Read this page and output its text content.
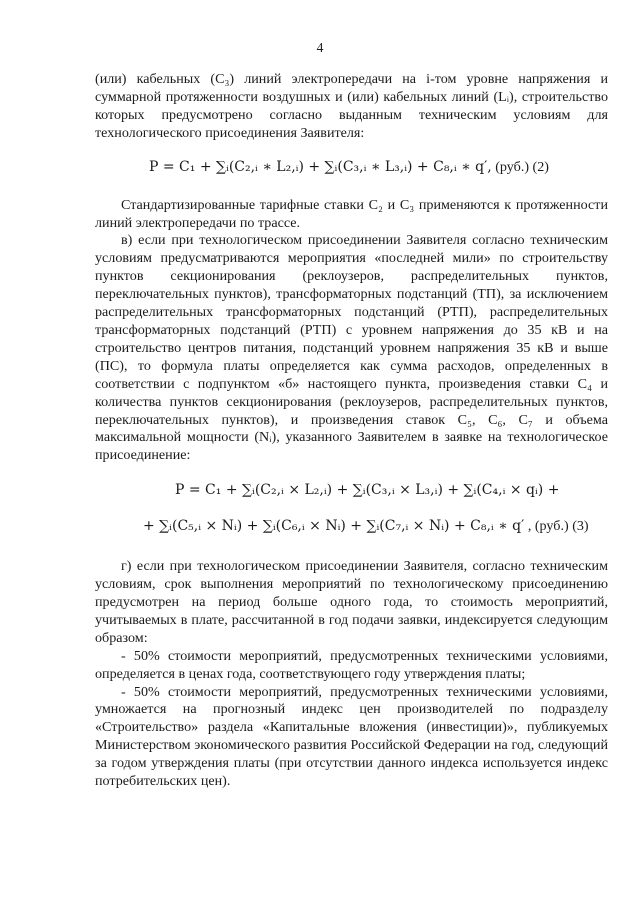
4

(или) кабельных (С₃) линий электропередачи на i-том уровне напряжения и суммарной протяженности воздушных и (или) кабельных линий (Lᵢ), строительство которых предусмотрено согласно выданным техническим условиям для технологического присоединения Заявителя:

P = C₁ + ∑ᵢ(C₂,ᵢ ∗ L₂,ᵢ) + ∑ᵢ(C₃,ᵢ ∗ L₃,ᵢ) + C₈,ᵢ ∗ q′, (руб.) (2)

Стандартизированные тарифные ставки С₂ и С₃ применяются к протяженности линий электропередачи по трассе.

в) если при технологическом присоединении Заявителя согласно техническим условиям предусматриваются мероприятия «последней мили» по строительству пунктов секционирования (реклоузеров, распределительных пунктов, переключательных пунктов), трансформаторных подстанций (ТП), за исключением распределительных трансформаторных подстанций (РТП), распределительных трансформаторных подстанций (РТП) с уровнем напряжения до 35 кВ и на строительство центров питания, подстанций уровнем напряжения 35 кВ и выше (ПС), то формула платы определяется как сумма расходов, определенных в соответствии с подпунктом «б» настоящего пункта, произведения ставки С₄ и количества пунктов секционирования (реклоузеров, распределительных пунктов, переключательных пунктов), и произведения ставок С₅, С₆, С₇ и объема максимальной мощности (Nᵢ), указанного Заявителем в заявке на технологическое присоединение:

P = C₁ + ∑ᵢ(C₂,ᵢ × L₂,ᵢ) + ∑ᵢ(C₃,ᵢ × L₃,ᵢ) + ∑ᵢ(C₄,ᵢ × qᵢ) +
+ ∑ᵢ(C₅,ᵢ × Nᵢ) + ∑ᵢ(C₆,ᵢ × Nᵢ) + ∑ᵢ(C₇,ᵢ × Nᵢ) + C₈,ᵢ ∗ q′ , (руб.) (3)

г) если при технологическом присоединении Заявителя, согласно техническим условиям, срок выполнения мероприятий по технологическому присоединению предусмотрен на период больше одного года, то стоимость мероприятий, учитываемых в плате, рассчитанной в год подачи заявки, индексируется следующим образом:

- 50% стоимости мероприятий, предусмотренных техническими условиями, определяется в ценах года, соответствующего году утверждения платы;

- 50% стоимости мероприятий, предусмотренных техническими условиями, умножается на прогнозный индекс цен производителей по подразделу «Строительство» раздела «Капитальные вложения (инвестиции)», публикуемых Министерством экономического развития Российской Федерации на год, следующий за годом утверждения платы (при отсутствии данного индекса используется индекс потребительских цен).
